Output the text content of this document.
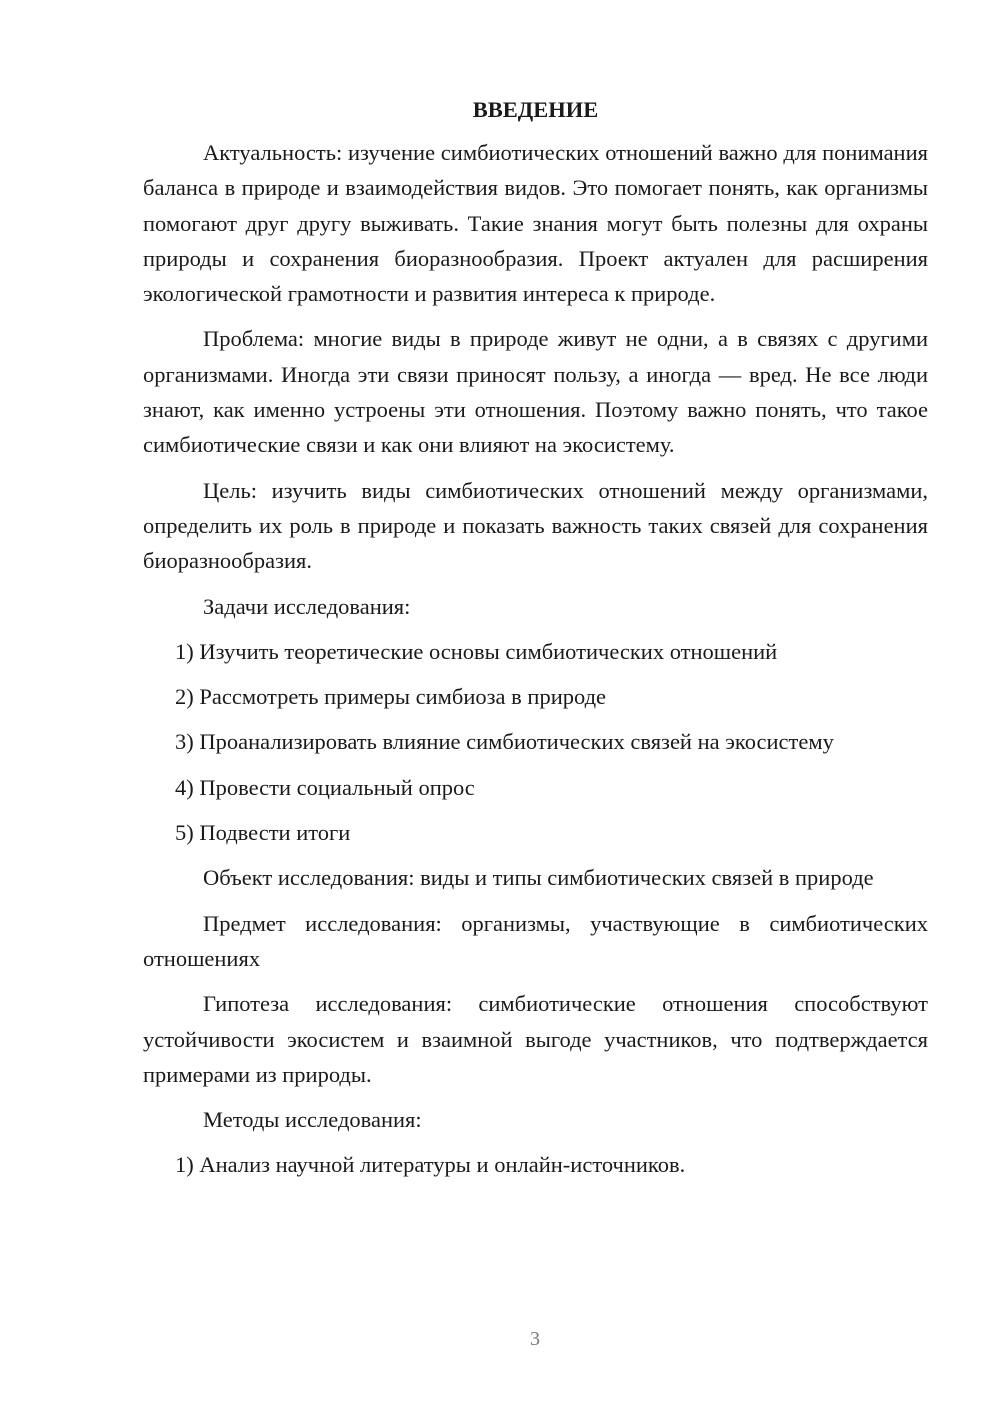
ВВЕДЕНИЕ

Актуальность: изучение симбиотических отношений важно для понимания баланса в природе и взаимодействия видов. Это помогает понять, как организмы помогают друг другу выживать. Такие знания могут быть полезны для охраны природы и сохранения биоразнообразия. Проект актуален для расширения экологической грамотности и развития интереса к природе.

Проблема: многие виды в природе живут не одни, а в связях с другими организмами. Иногда эти связи приносят пользу, а иногда — вред. Не все люди знают, как именно устроены эти отношения. Поэтому важно понять, что такое симбиотические связи и как они влияют на экосистему.

Цель: изучить виды симбиотических отношений между организмами, определить их роль в природе и показать важность таких связей для сохранения биоразнообразия.

Задачи исследования:

1) Изучить теоретические основы симбиотических отношений

2) Рассмотреть примеры симбиоза в природе

3) Проанализировать влияние симбиотических связей на экосистему

4) Провести социальный опрос

5) Подвести итоги

Объект исследования: виды и типы симбиотических связей в природе

Предмет исследования: организмы, участвующие в симбиотических отношениях

Гипотеза исследования: симбиотические отношения способствуют устойчивости экосистем и взаимной выгоде участников, что подтверждается примерами из природы.

Методы исследования:

1) Анализ научной литературы и онлайн-источников.

3
